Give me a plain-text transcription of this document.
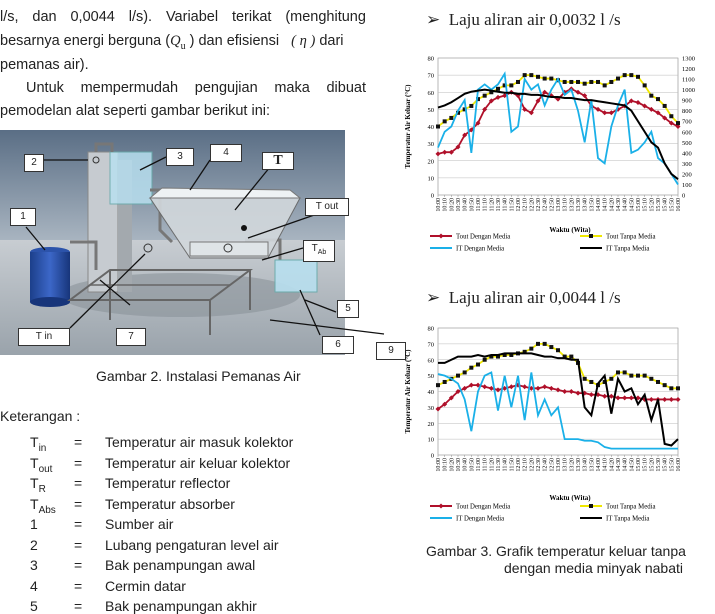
l/s, dan 0,0044 l/s). Variabel terikat (menghitung
besarnya energi berguna ($Q_u$ ) dan efisiensi ( η ) dari
pemanas air).
Untuk mempermudah pengujian maka dibuat
pemodelan alat seperti gambar berikut ini:
2
3	4
T
1
T out
$T_{Ab}$
T in	7
5
6
9
Gambar 2. Instalasi Pemanas Air
Keterangan :
$T_{in}$ = Temperatur air masuk kolektor
$T_{out}$ = Temperatur air keluar kolektor
$T_R$ = Temperatur reflector
$T_{Abs}$ = Temperatur absorber
1	= Sumber air
2	= Lubang pengaturan level air
3	= Bak penampungan awal
4	= Cermin datar
5	= Bak penampungan akhir
➢ Laju aliran air 0,0032 l /s
➢ Laju aliran air 0,0044 l /s
0
10
20
30
40
50
60
70
80
0
100
200
300
400
500
600
700
800
900
1000
1100
1200
1300
10:00 10:10 10:20 10:30 10:40 10:50 11:00 11:10 11:20 11:30 11:40 11:50 12:00 12:10 12:20 12:30 12:40 12:50 13:00 13:10 13:20 13:30 13:40 13:50 14:00 14:10 14:20 14:30 14:40 14:50 15:00 15:10 15:20 15:30 15:40 15:50 16:00
Temperatur Air Keluar (°C)
Waktu (Wita)
Tout Dengan Media	Tout Tanpa Media
IT Dengan Media	IT Tanpa Media
0
10
20
30
40
50
60
70
80
10:00 10:10 10:20 10:30 10:40 10:50 11:00 11:10 11:20 11:30 11:40 11:50 12:00 12:10 12:20 12:30 12:40 12:50 13:00 13:10 13:20 13:30 13:40 13:50 14:00 14:10 14:20 14:30 14:40 14:50 15:00 15:10 15:20 15:30 15:40 15:50 16:00
Temperatur Air Keluar (°C)
Waktu (Wita)
Tout Dengan Media	Tout Tanpa Media
IT Dengan Media	IT Tanpa Media
Gambar 3. Grafik temperatur keluar tanpa
dengan media minyak nabati
